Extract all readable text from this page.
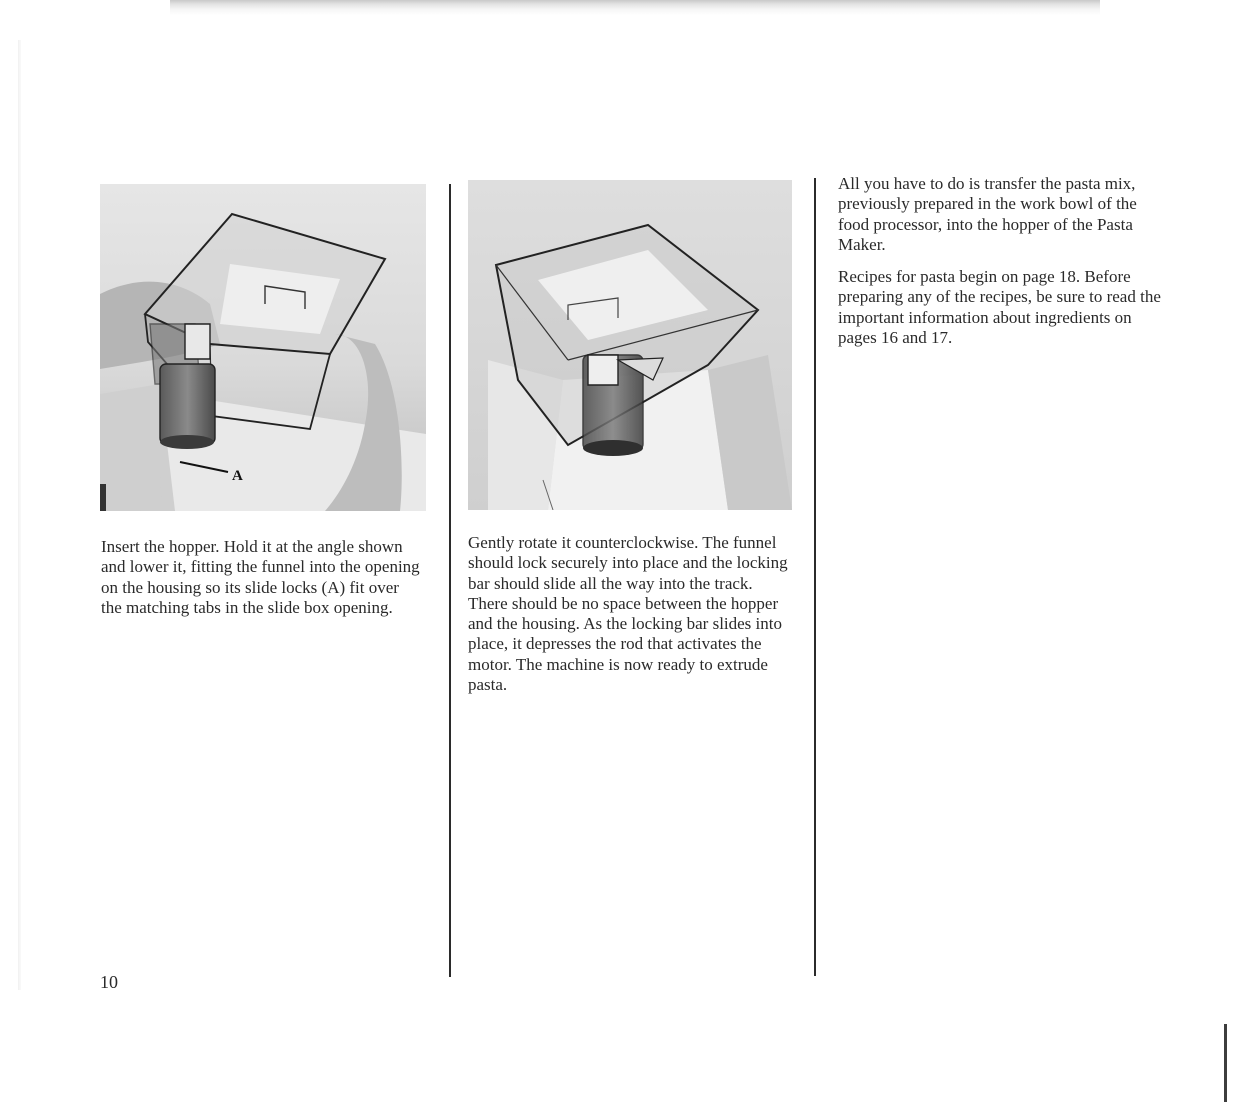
A

Insert the hopper. Hold it at the angle shown and lower it, fitting the funnel into the opening on the housing so its slide locks (A) fit over the matching tabs in the slide box opening.

Gently rotate it counterclockwise. The funnel should lock securely into place and the locking bar should slide all the way into the track. There should be no space between the hopper and the housing. As the locking bar slides into place, it depresses the rod that activates the motor. The machine is now ready to extrude pasta.

All you have to do is transfer the pasta mix, previously prepared in the work bowl of the food processor, into the hopper of the Pasta Maker.

Recipes for pasta begin on page 18. Before preparing any of the recipes, be sure to read the important information about ingredients on pages 16 and 17.

10
